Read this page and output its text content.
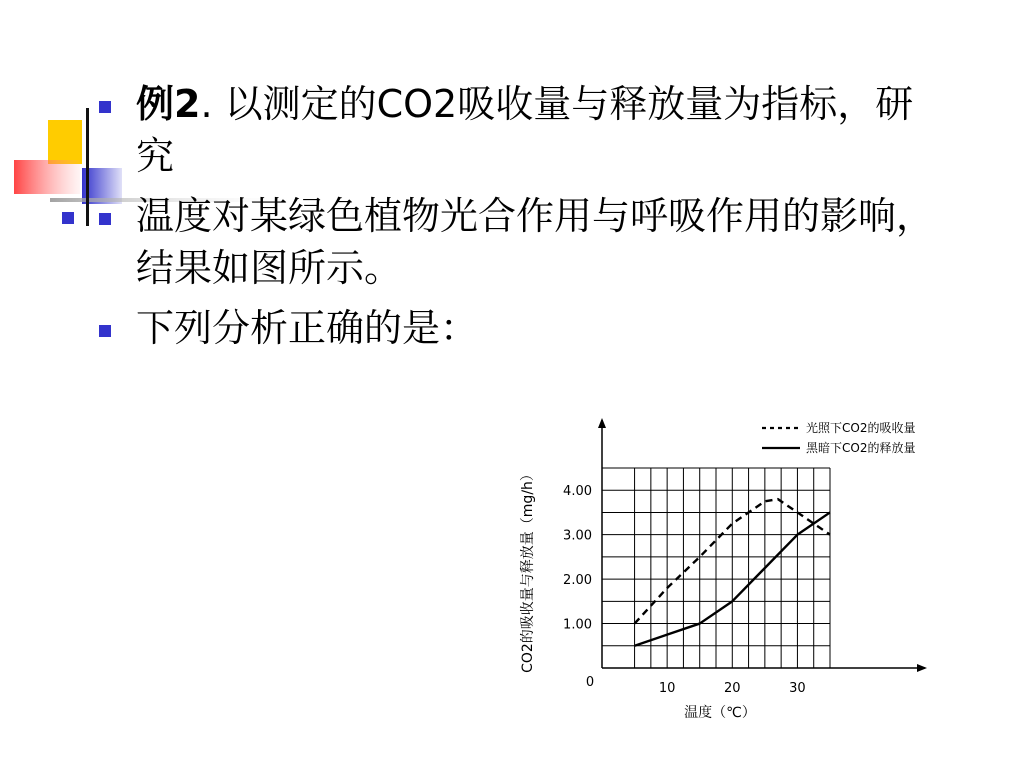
例2. 以测定的CO2吸收量与释放量为指标，研究
温度对某绿色植物光合作用与呼吸作用的影响，结果如图所示。
下列分析正确的是：
0	10	20	30
1.00
2.00
3.00
4.00
光照下CO2的吸收量
黑暗下CO2的释放量
温度（℃）
CO2的吸收量与释放量（mg/h）
